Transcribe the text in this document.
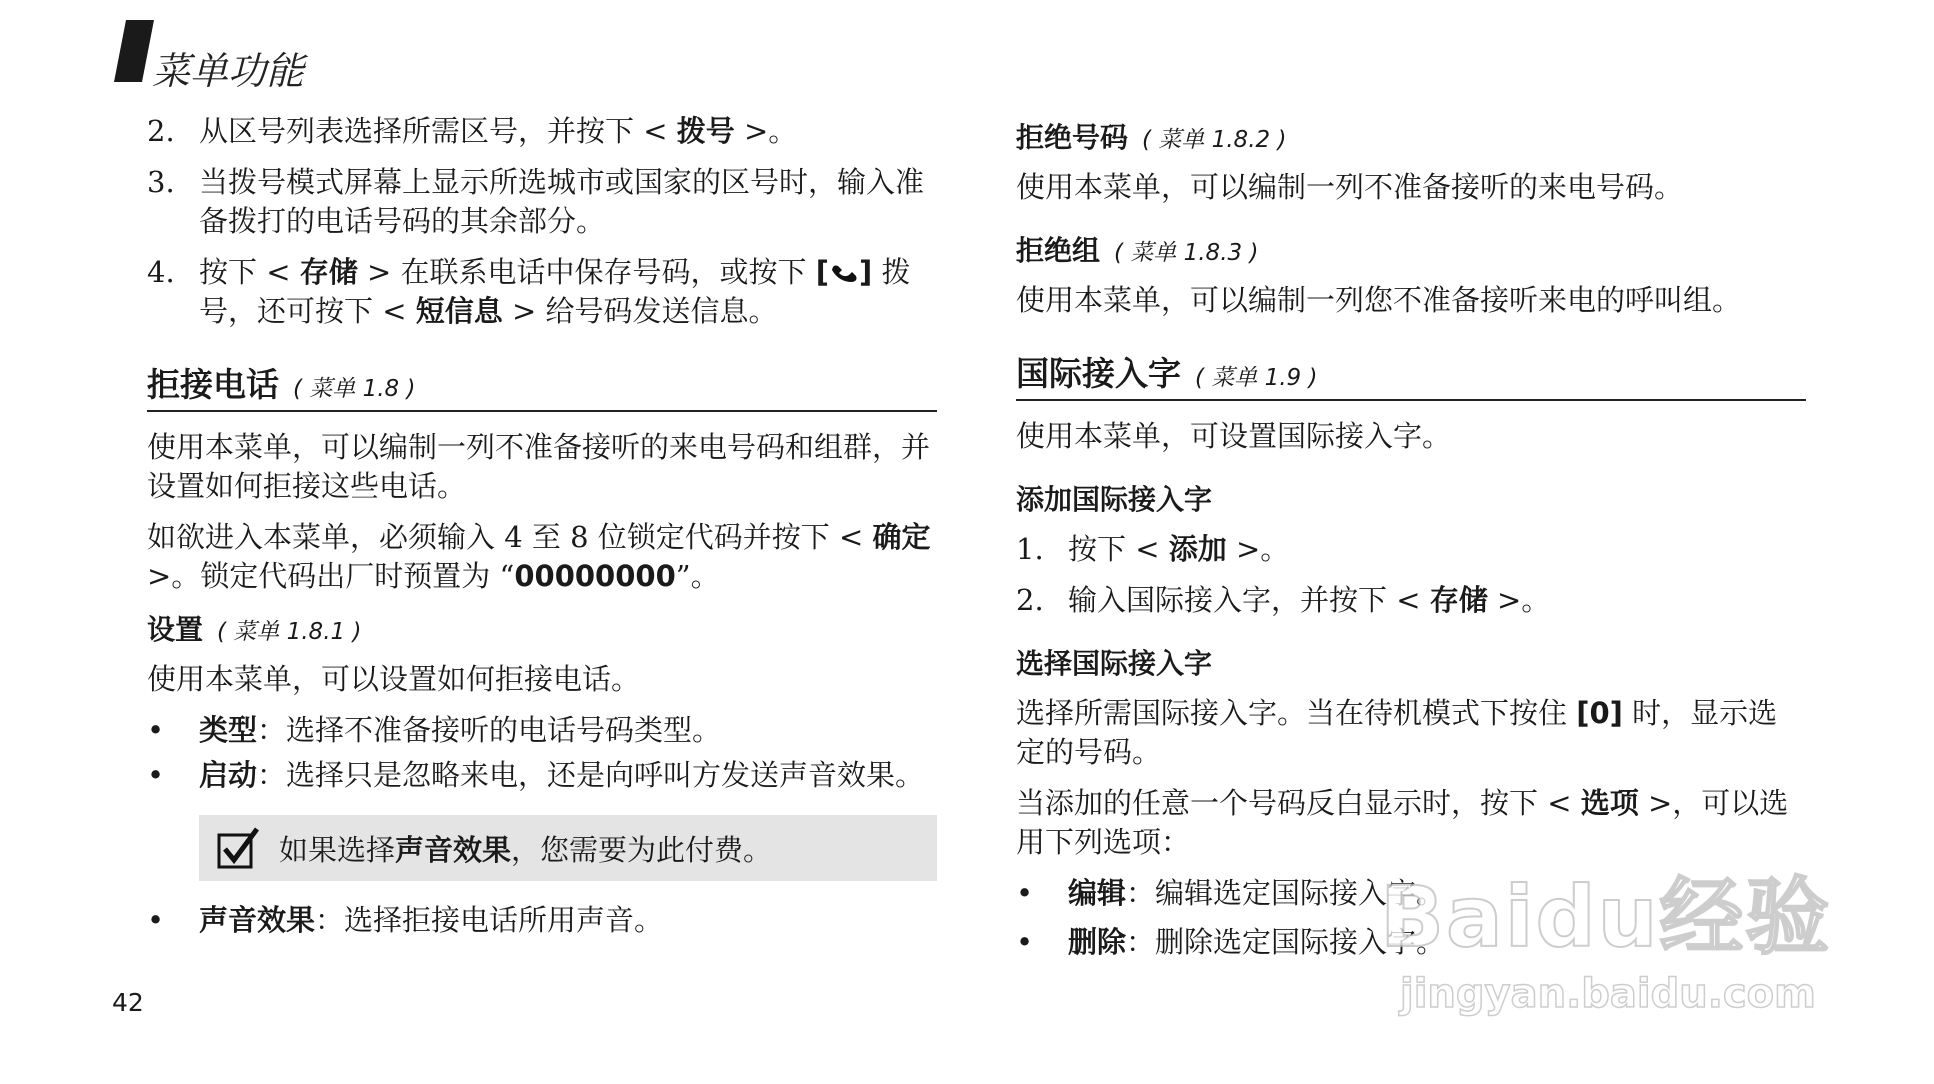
菜单功能
2. 从区号列表选择所需区号，并按下 < 拨号 >。
3. 当拨号模式屏幕上显示所选城市或国家的区号时，输入准备拨打的电话号码的其余部分。
4. 按下 < 存储 > 在联系电话中保存号码，或按下 [ ] 拨号，还可按下 < 短信息 > 给号码发送信息。
拒接电话 ( 菜单 1.8 )

使用本菜单，可以编制一列不准备接听的来电号码和组群，并设置如何拒接这些电话。

如欲进入本菜单，必须输入 4 至 8 位锁定代码并按下 < 确定 >。锁定代码出厂时预置为 “00000000”。

设置 ( 菜单 1.8.1 )

使用本菜单，可以设置如何拒接电话。

•	类型：选择不准备接听的电话号码类型。
•	启动：选择只是忽略来电，还是向呼叫方发送声音效果。
如果选择声音效果，您需要为此付费。
•	声音效果：选择拒接电话所用声音。
42
拒绝号码 ( 菜单 1.8.2 )

使用本菜单，可以编制一列不准备接听的来电号码。

拒绝组 ( 菜单 1.8.3 )

使用本菜单，可以编制一列您不准备接听来电的呼叫组。

国际接入字 ( 菜单 1.9 )

使用本菜单，可设置国际接入字。

添加国际接入字
1. 按下 < 添加 >。
2. 输入国际接入字，并按下 < 存储 >。
选择国际接入字

选择所需国际接入字。当在待机模式下按住 [0] 时，显示选定的号码。

当添加的任意一个号码反白显示时，按下 < 选项 >，可以选用下列选项：

•	编辑：编辑选定国际接入字。
•	删除：删除选定国际接入字。
Baidu经验
jingyan.baidu.com
